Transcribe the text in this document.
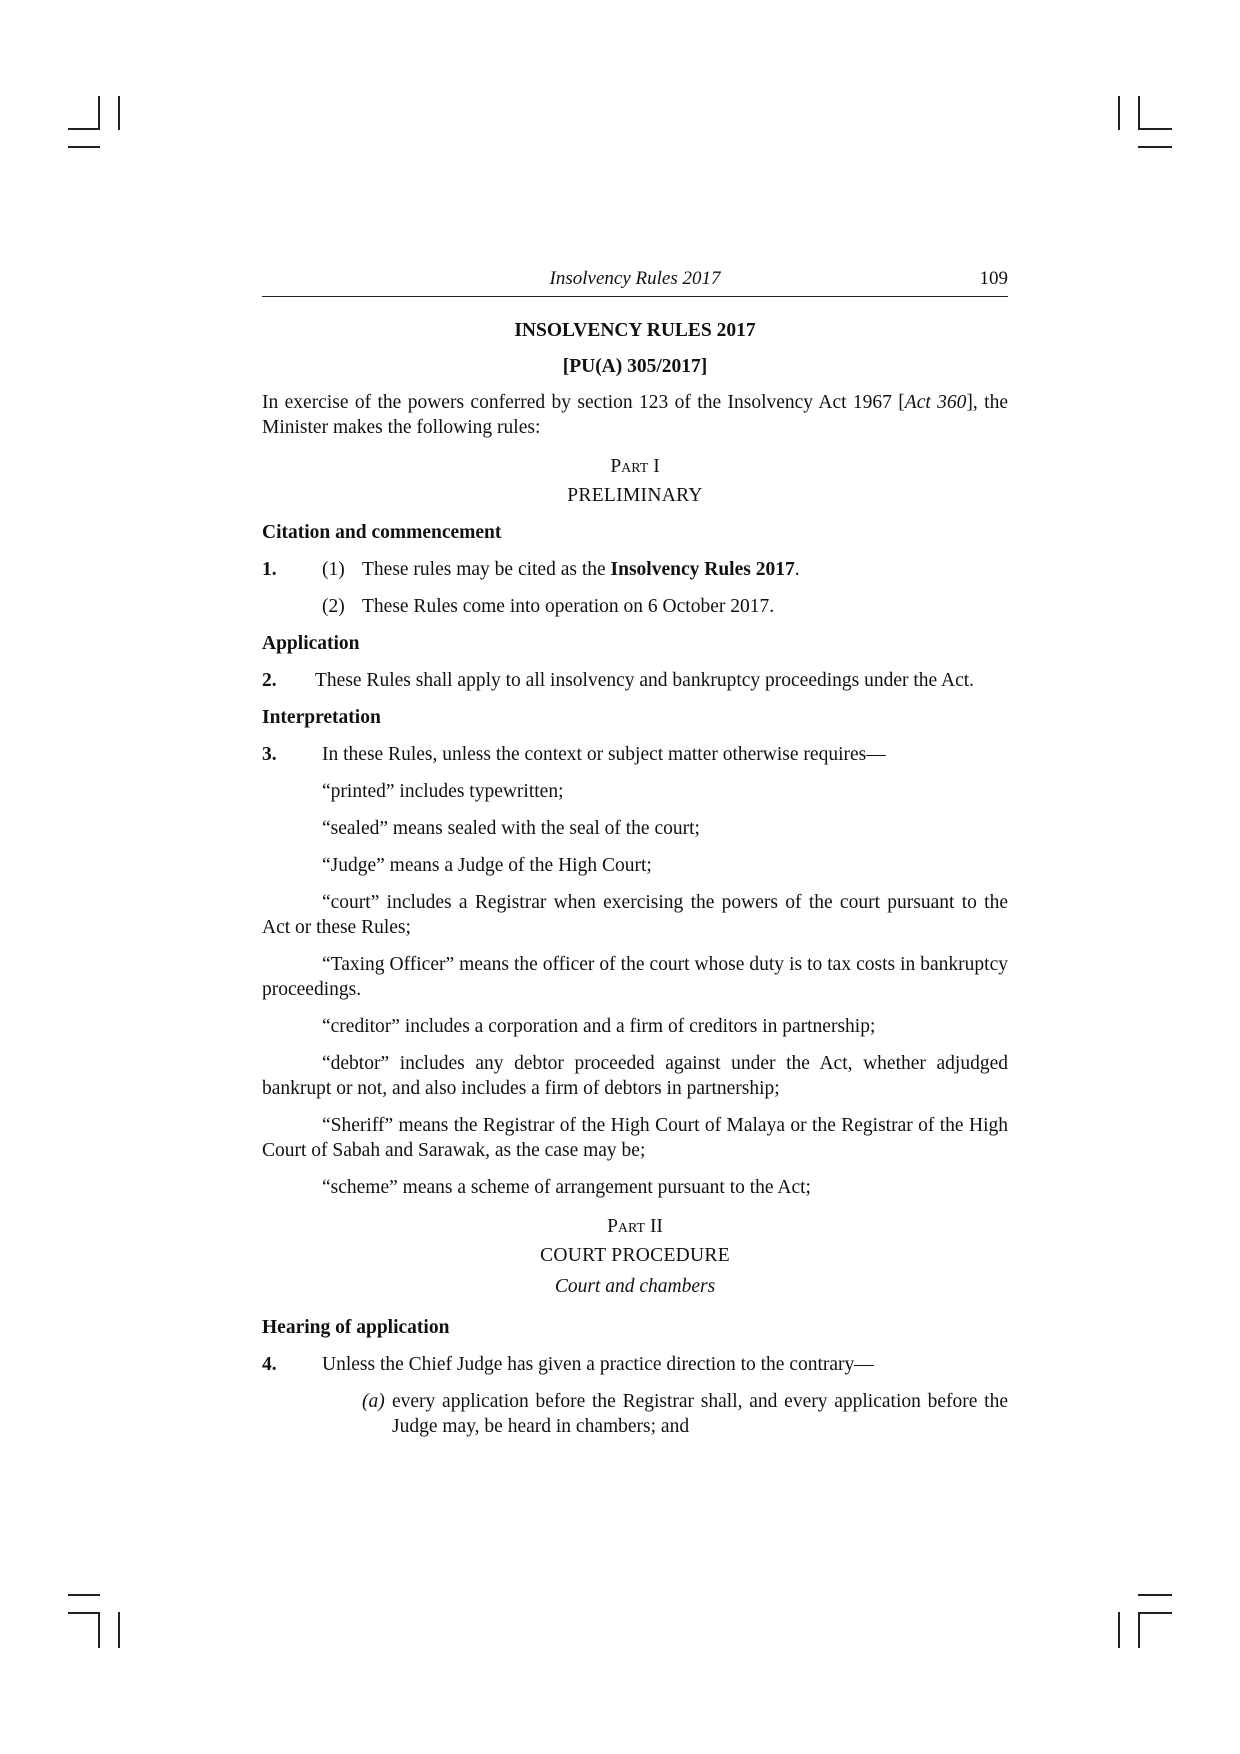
Insolvency Rules 2017	109
INSOLVENCY RULES 2017
[PU(A) 305/2017]
In exercise of the powers conferred by section 123 of the Insolvency Act 1967 [Act 360], the Minister makes the following rules:
Part I
PRELIMINARY
Citation and commencement
1. (1) These rules may be cited as the Insolvency Rules 2017.
(2) These Rules come into operation on 6 October 2017.
Application
2. These Rules shall apply to all insolvency and bankruptcy proceedings under the Act.
Interpretation
3. In these Rules, unless the context or subject matter otherwise requires—
“printed” includes typewritten;
“sealed” means sealed with the seal of the court;
“Judge” means a Judge of the High Court;
“court” includes a Registrar when exercising the powers of the court pursuant to the Act or these Rules;
“Taxing Officer” means the officer of the court whose duty is to tax costs in bankruptcy proceedings.
“creditor” includes a corporation and a firm of creditors in partnership;
“debtor” includes any debtor proceeded against under the Act, whether adjudged bankrupt or not, and also includes a firm of debtors in partnership;
“Sheriff” means the Registrar of the High Court of Malaya or the Registrar of the High Court of Sabah and Sarawak, as the case may be;
“scheme” means a scheme of arrangement pursuant to the Act;
Part II
COURT PROCEDURE
Court and chambers
Hearing of application
4. Unless the Chief Judge has given a practice direction to the contrary—
(a) every application before the Registrar shall, and every application before the Judge may, be heard in chambers; and
